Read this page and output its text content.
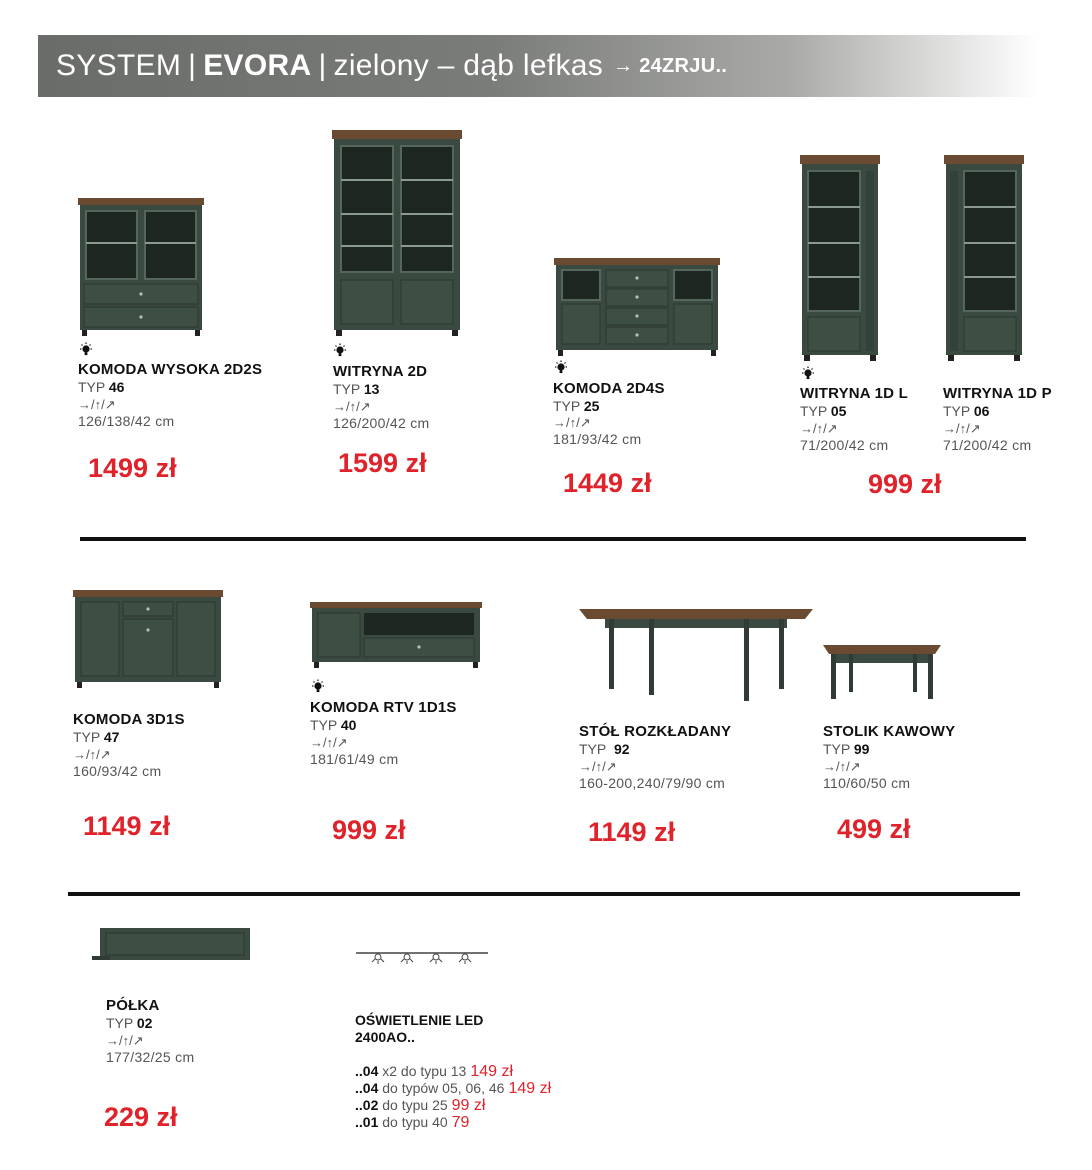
SYSTEM | EVORA | zielony – dąb lefkas → 24ZRJU..
KOMODA WYSOKA 2D2S
TYP 46
→/↑/↗
126/138/42 cm
1499 zł
WITRYNA 2D
TYP 13
→/↑/↗
126/200/42 cm
1599 zł
KOMODA 2D4S
TYP 25
→/↑/↗
181/93/42 cm
1449 zł
WITRYNA 1D L
TYP 05
→/↑/↗
71/200/42 cm
WITRYNA 1D P
TYP 06
→/↑/↗
71/200/42 cm
999 zł
KOMODA 3D1S
TYP 47
→/↑/↗
160/93/42 cm
1149 zł
KOMODA RTV 1D1S
TYP 40
→/↑/↗
181/61/49 cm
999 zł
STÓŁ ROZKŁADANY
TYP 92
→/↑/↗
160-200,240/79/90 cm
1149 zł
STOLIK KAWOWY
TYP 99
→/↑/↗
110/60/50 cm
499 zł
PÓŁKA
TYP 02
→/↑/↗
177/32/25 cm
229 zł
OŚWIETLENIE LED
2400AO..
..04 x2 do typu 13 149 zł
..04 do typów 05, 06, 46 149 zł
..02 do typu 25 99 zł
..01 do typu 40 79
